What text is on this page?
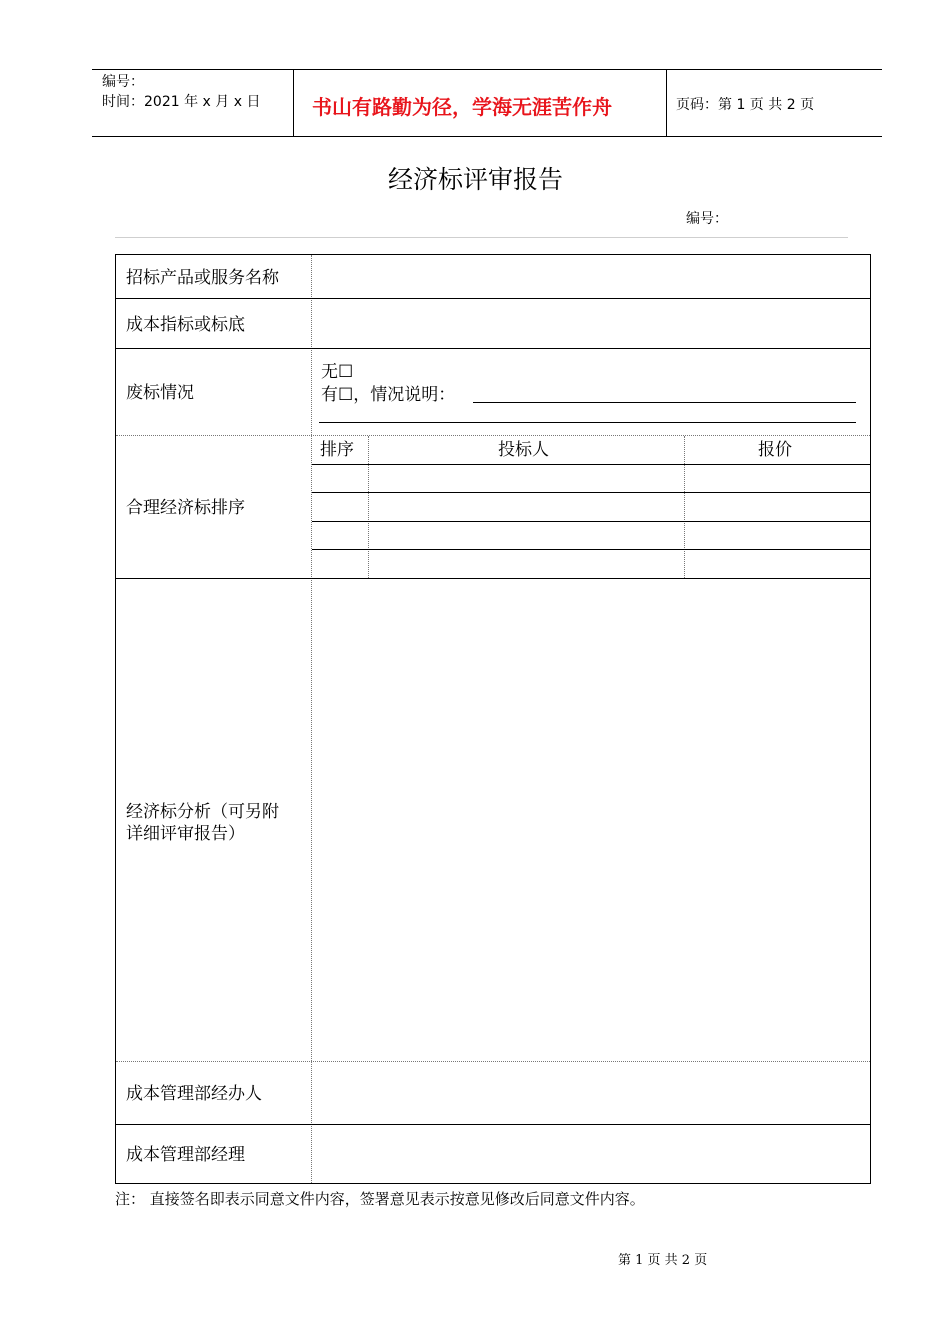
编号：
时间：2021 年 x 月 x 日	书山有路勤为径，学海无涯苦作舟	页码：第 1 页 共 2 页
经济标评审报告
编号：
招标产品或服务名称
成本指标或标底
废标情况
无☐
有☐，情况说明：
合理经济标排序
排序	投标人	报价
经济标分析（可另附
详细评审报告）
成本管理部经办人
成本管理部经理
注： 直接签名即表示同意文件内容，签署意见表示按意见修改后同意文件内容。
第 1 页 共 2 页
